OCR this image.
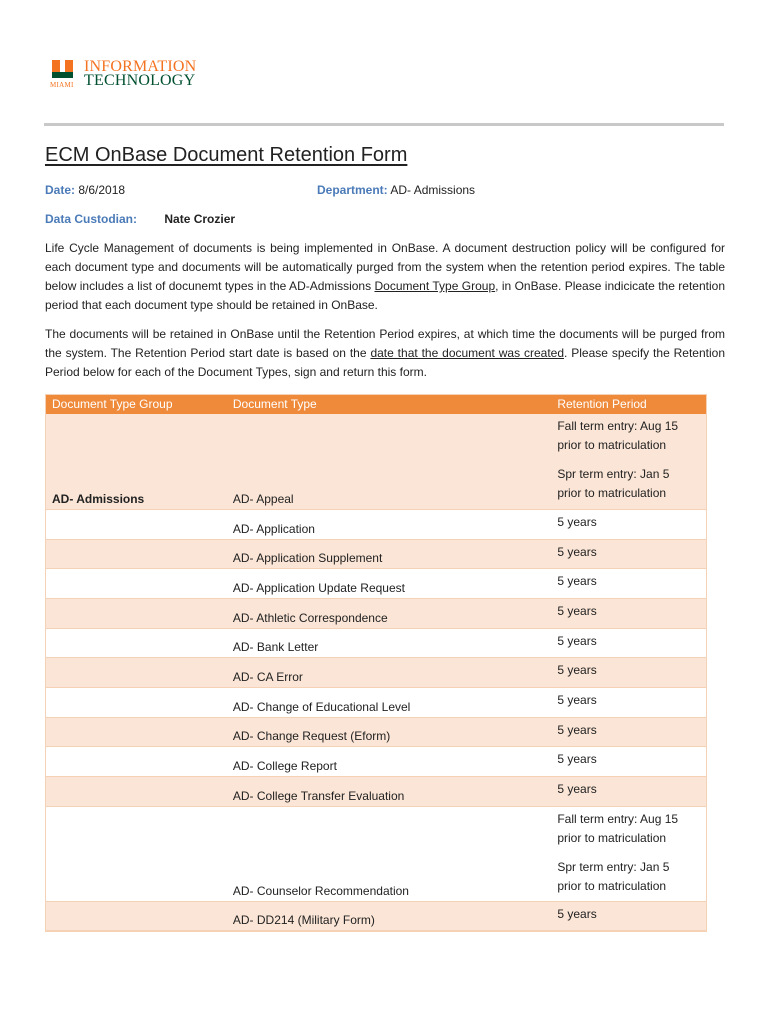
MIAMI
INFORMATION
TECHNOLOGY
ECM OnBase Document Retention Form
Date: 8/6/2018	Department: AD- Admissions
Data Custodian: Nate Crozier
Life Cycle Management of documents is being implemented in OnBase. A document destruction policy will be configured for each document type and documents will be automatically purged from the system when the retention period expires. The table below includes a list of docunemt types in the AD-Admissions Document Type Group, in OnBase. Please indicicate the retention period that each document type should be retained in OnBase.
The documents will be retained in OnBase until the Retention Period expires, at which time the documents will be purged from the system. The Retention Period start date is based on the date that the document was created. Please specify the Retention Period below for each of the Document Types, sign and return this form.
Document Type Group	Document Type	Retention Period
AD- Admissions	AD- Appeal	Fall term entry: Aug 15
prior to matriculation
Spr term entry: Jan 5
prior to matriculation

	AD- Application	5 years

	AD- Application Supplement	5 years

	AD- Application Update Request	5 years

	AD- Athletic Correspondence	5 years

	AD- Bank Letter	5 years

	AD- CA Error	5 years

	AD- Change of Educational Level	5 years

	AD- Change Request (Eform)	5 years

	AD- College Report	5 years

	AD- College Transfer Evaluation	5 years

	AD- Counselor Recommendation	Fall term entry: Aug 15
prior to matriculation
Spr term entry: Jan 5
prior to matriculation

	AD- DD214 (Military Form)	5 years
